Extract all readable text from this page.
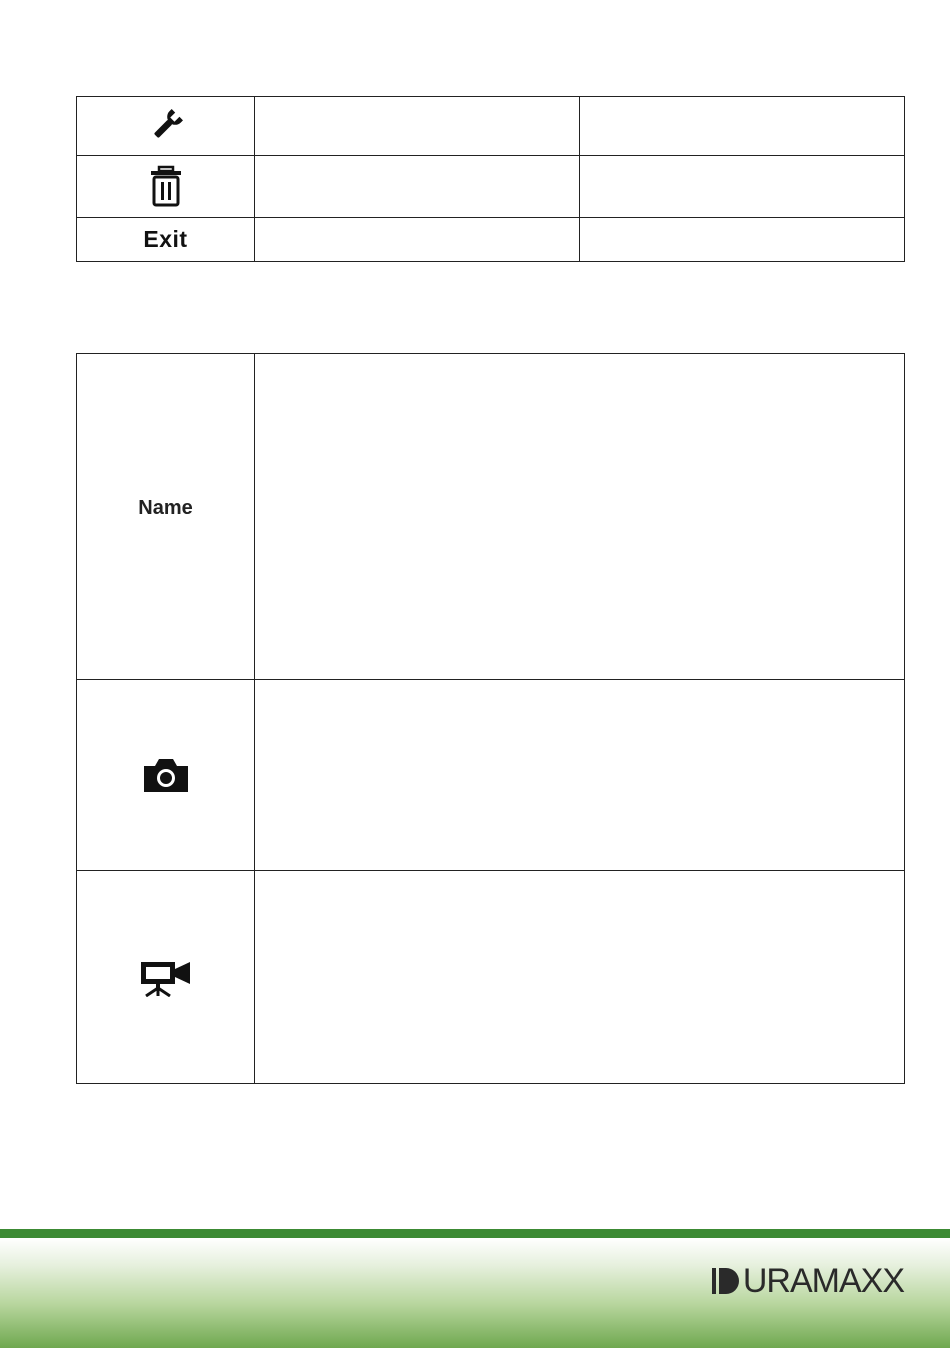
Exit		
Name	

URAMAXX
